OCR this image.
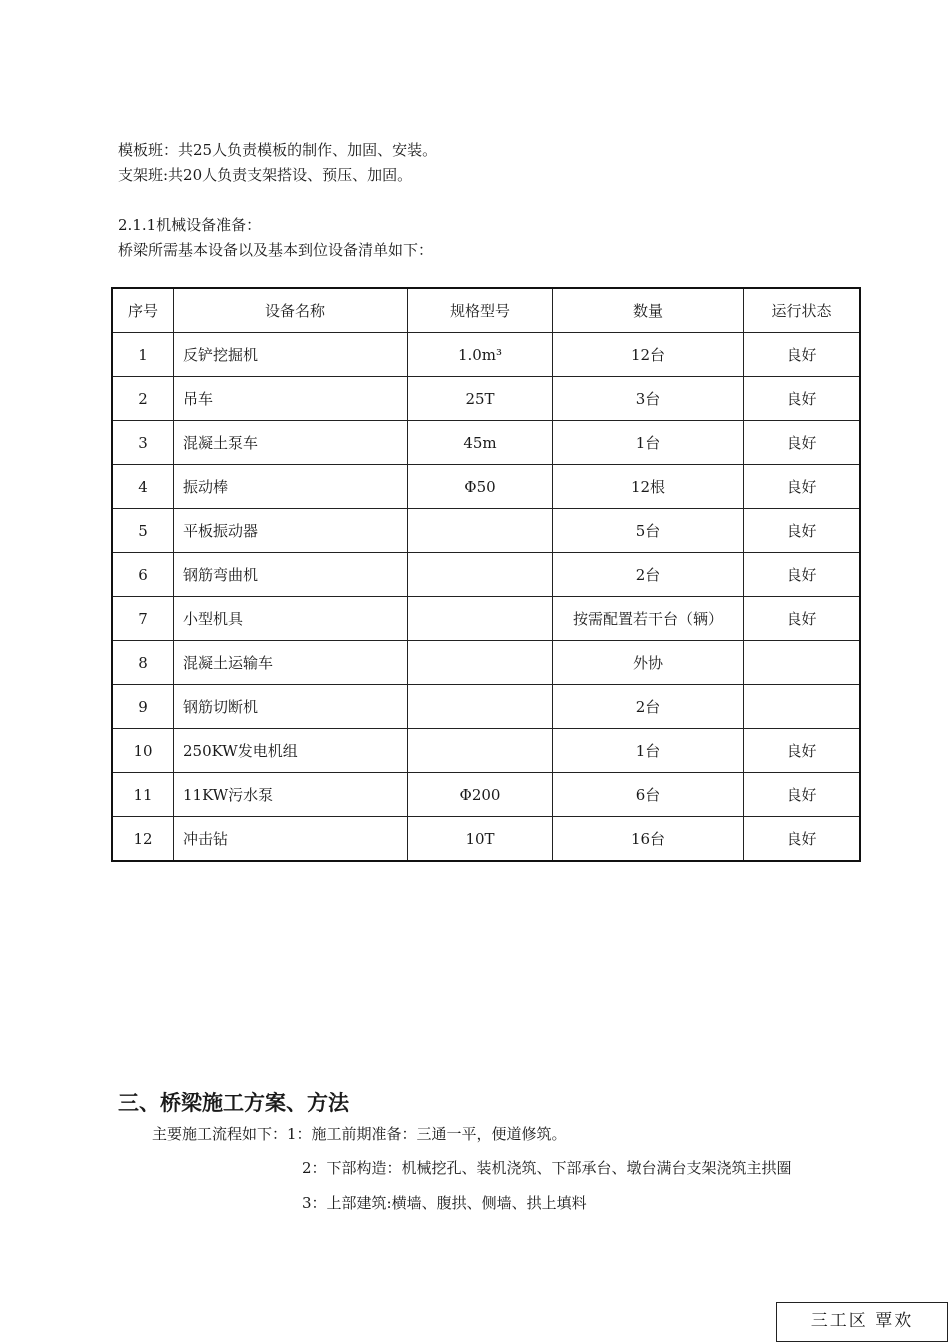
模板班：共25人负责模板的制作、加固、安装。
支架班:共20人负责支架搭设、预压、加固。
2.1.1机械设备准备：
桥梁所需基本设备以及基本到位设备清单如下：
序号	设备名称	规格型号	数量	运行状态
1	反铲挖掘机	1.0m³	12台	良好
2	吊车	25T	3台	良好
3	混凝土泵车	45m	1台	良好
4	振动棒	Φ50	12根	良好
5	平板振动器		5台	良好
6	钢筋弯曲机		2台	良好
7	小型机具		按需配置若干台（辆）	良好
8	混凝土运输车		外协	
9	钢筋切断机		2台	
10	250KW发电机组		1台	良好
11	11KW污水泵	Φ200	6台	良好
12	冲击钻	10T	16台	良好
三、桥梁施工方案、方法
主要施工流程如下：1：施工前期准备：三通一平，便道修筑。
2：下部构造：机械挖孔、装机浇筑、下部承台、墩台满台支架浇筑主拱圈
3：上部建筑:横墙、腹拱、侧墙、拱上填料
三工区 覃欢
